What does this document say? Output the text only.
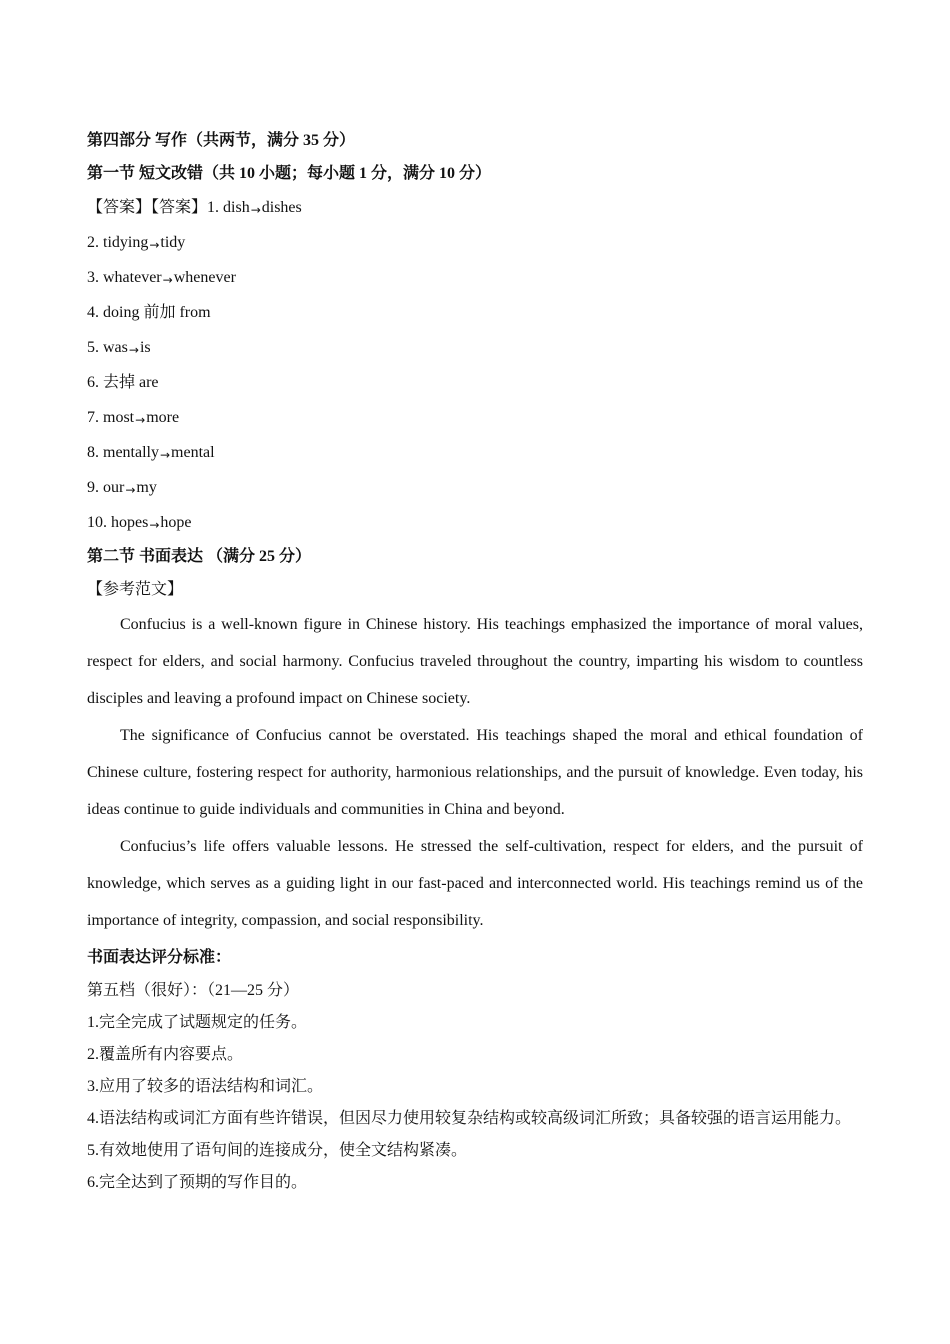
第四部分 写作（共两节，满分 35 分）
第一节 短文改错（共 10 小题；每小题 1 分，满分 10 分）
【答案】【答案】1. dish→dishes
2. tidying→tidy
3. whatever→whenever
4. doing 前加 from
5. was→is
6. 去掉 are
7. most→more
8. mentally→mental
9. our→my
10. hopes→hope
第二节 书面表达 （满分 25 分）
【参考范文】

Confucius is a well-known figure in Chinese history. His teachings emphasized the importance of moral values, respect for elders, and social harmony. Confucius traveled throughout the country, imparting his wisdom to countless disciples and leaving a profound impact on Chinese society.

The significance of Confucius cannot be overstated. His teachings shaped the moral and ethical foundation of Chinese culture, fostering respect for authority, harmonious relationships, and the pursuit of knowledge. Even today, his ideas continue to guide individuals and communities in China and beyond.

Confucius’s life offers valuable lessons. He stressed the self-cultivation, respect for elders, and the pursuit of knowledge, which serves as a guiding light in our fast-paced and interconnected world. His teachings remind us of the importance of integrity, compassion, and social responsibility.

书面表达评分标准：
第五档（很好）：（21—25 分）

1.完全完成了试题规定的任务。

2.覆盖所有内容要点。

3.应用了较多的语法结构和词汇。

4.语法结构或词汇方面有些许错误，但因尽力使用较复杂结构或较高级词汇所致；具备较强的语言运用能力。

5.有效地使用了语句间的连接成分，使全文结构紧凑。

6.完全达到了预期的写作目的。
